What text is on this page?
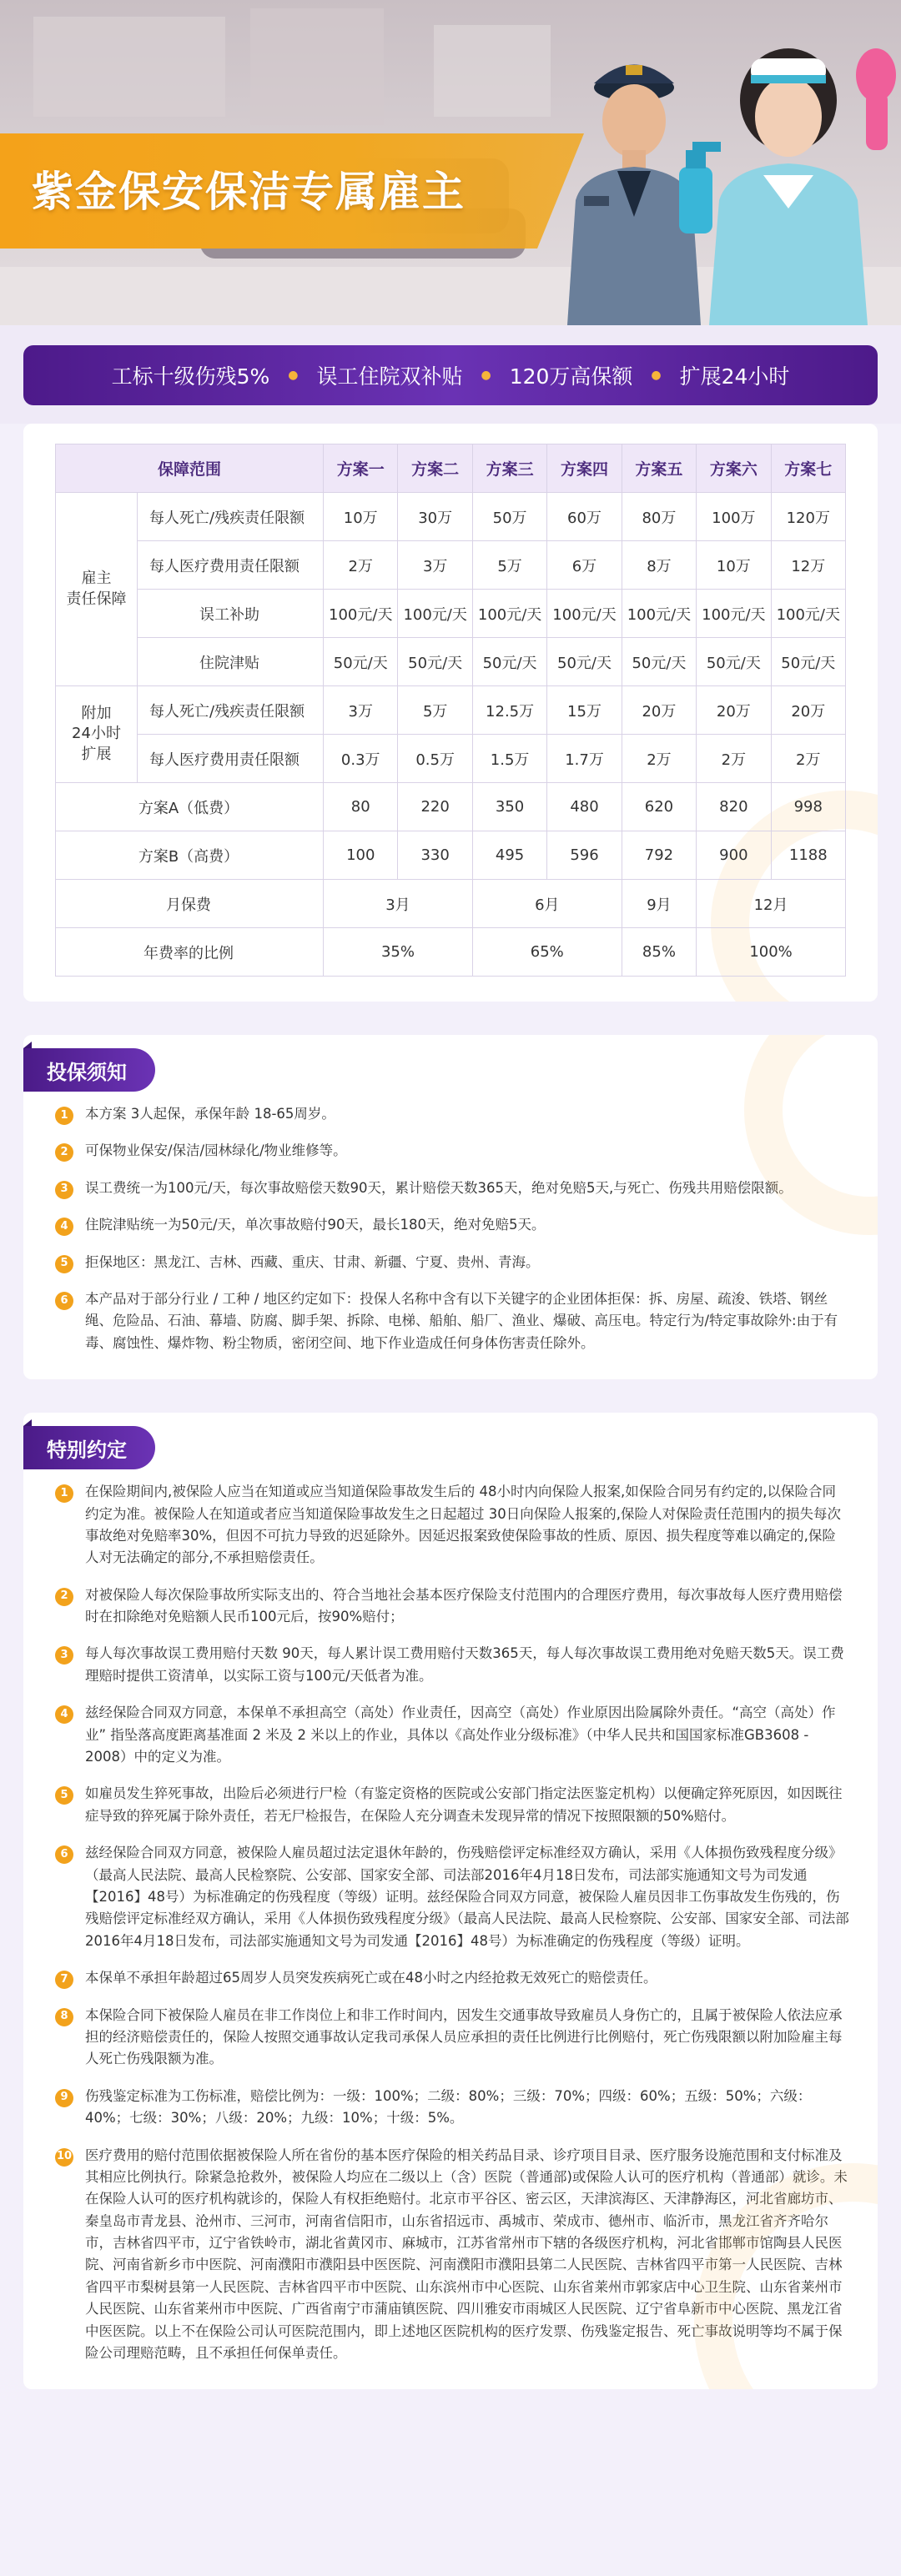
紫金保安保洁专属雇主
工标十级伤残5% ● 误工住院双补贴 ● 120万高保额 ● 扩展24小时
保障范围		方案一	方案二	方案三	方案四	方案五	方案六	方案七
雇主
责任保障	每人死亡/残疾责任限额	10万	30万	50万	60万	80万	100万	120万
	每人医疗费用责任限额	2万	3万	5万	6万	8万	10万	12万
	误工补助	100元/天	100元/天	100元/天	100元/天	100元/天	100元/天	100元/天
	住院津贴	50元/天	50元/天	50元/天	50元/天	50元/天	50元/天	50元/天
附加
24小时
扩展	每人死亡/残疾责任限额	3万	5万	12.5万	15万	20万	20万	20万
	每人医疗费用责任限额	0.3万	0.5万	1.5万	1.7万	2万	2万	2万
方案A（低费）		80	220	350	480	620	820	998
方案B（高费）		100	330	495	596	792	900	1188
月保费		3月		6月		9月	12月	
年费率的比例		35%		65%		85%	100%	
投保须知
1	本方案 3人起保，承保年龄 18-65周岁。
2	可保物业保安/保洁/园林绿化/物业维修等。
3	误工费统一为100元/天，每次事故赔偿天数90天，累计赔偿天数365天，绝对免赔5天,与死亡、伤残共用赔偿限额。
4	住院津贴统一为50元/天，单次事故赔付90天，最长180天，绝对免赔5天。
5	拒保地区：黑龙江、吉林、西藏、重庆、甘肃、新疆、宁夏、贵州、青海。
6	本产品对于部分行业 / 工种 / 地区约定如下：投保人名称中含有以下关键字的企业团体拒保：拆、房屋、疏浚、铁塔、钢丝绳、危险品、石油、幕墙、防腐、脚手架、拆除、电梯、船舶、船厂、渔业、爆破、高压电。特定行为/特定事故除外:由于有毒、腐蚀性、爆炸物、粉尘物质，密闭空间、地下作业造成任何身体伤害责任除外。
特别约定
1	在保险期间内,被保险人应当在知道或应当知道保险事故发生后的 48小时内向保险人报案,如保险合同另有约定的,以保险合同约定为准。被保险人在知道或者应当知道保险事故发生之日起超过 30日向保险人报案的,保险人对保险责任范围内的损失每次事故绝对免赔率30%，但因不可抗力导致的迟延除外。因延迟报案致使保险事故的性质、原因、损失程度等难以确定的,保险人对无法确定的部分,不承担赔偿责任。
2	对被保险人每次保险事故所实际支出的、符合当地社会基本医疗保险支付范围内的合理医疗费用，每次事故每人医疗费用赔偿时在扣除绝对免赔额人民币100元后，按90%赔付；
3	每人每次事故误工费用赔付天数 90天，每人累计误工费用赔付天数365天，每人每次事故误工费用绝对免赔天数5天。误工费理赔时提供工资清单，以实际工资与100元/天低者为准。
4	兹经保险合同双方同意，本保单不承担高空（高处）作业责任，因高空（高处）作业原因出险属除外责任。“高空（高处）作业” 指坠落高度距离基准面 2 米及 2 米以上的作业，具体以《高处作业分级标准》（中华人民共和国国家标准GB3608 - 2008）中的定义为准。
5	如雇员发生猝死事故，出险后必须进行尸检（有鉴定资格的医院或公安部门指定法医鉴定机构）以便确定猝死原因，如因既往症导致的猝死属于除外责任，若无尸检报告，在保险人充分调查未发现异常的情况下按照限额的50%赔付。
6	兹经保险合同双方同意，被保险人雇员超过法定退休年龄的，伤残赔偿评定标准经双方确认，采用《人体损伤致残程度分级》（最高人民法院、最高人民检察院、公安部、国家安全部、司法部2016年4月18日发布，司法部实施通知文号为司发通【2016】48号）为标准确定的伤残程度（等级）证明。兹经保险合同双方同意，被保险人雇员因非工伤事故发生伤残的，伤残赔偿评定标准经双方确认，采用《人体损伤致残程度分级》（最高人民法院、最高人民检察院、公安部、国家安全部、司法部2016年4月18日发布，司法部实施通知文号为司发通【2016】48号）为标准确定的伤残程度（等级）证明。
7	本保单不承担年龄超过65周岁人员突发疾病死亡或在48小时之内经抢救无效死亡的赔偿责任。
8	本保险合同下被保险人雇员在非工作岗位上和非工作时间内，因发生交通事故导致雇员人身伤亡的，且属于被保险人依法应承担的经济赔偿责任的，保险人按照交通事故认定我司承保人员应承担的责任比例进行比例赔付，死亡伤残限额以附加险雇主每人死亡伤残限额为准。
9	伤残鉴定标准为工伤标准，赔偿比例为：一级：100%；二级：80%；三级：70%；四级：60%；五级：50%；六级：40%；七级：30%；八级：20%；九级：10%；十级：5%。
10 医疗费用的赔付范围依据被保险人所在省份的基本医疗保险的相关药品目录、诊疗项目目录、医疗服务设施范围和支付标准及其相应比例执行。除紧急抢救外，被保险人均应在二级以上（含）医院（普通部)或保险人认可的医疗机构（普通部）就诊。未在保险人认可的医疗机构就诊的，保险人有权拒绝赔付。北京市平谷区、密云区，天津滨海区、天津静海区，河北省廊坊市、秦皇岛市青龙县、沧州市、三河市，河南省信阳市，山东省招远市、禹城市、荣成市、德州市、临沂市，黑龙江省齐齐哈尔市，吉林省四平市，辽宁省铁岭市，湖北省黄冈市、麻城市，江苏省常州市下辖的各级医疗机构，河北省邯郸市馆陶县人民医院、河南省新乡市中医院、河南濮阳市濮阳县中医医院、河南濮阳市濮阳县第二人民医院、吉林省四平市第一人民医院、吉林省四平市梨树县第一人民医院、吉林省四平市中医院、山东滨州市中心医院、山东省莱州市郭家店中心卫生院、山东省莱州市人民医院、山东省莱州市中医院、广西省南宁市蒲庙镇医院、四川雅安市雨城区人民医院、辽宁省阜新市中心医院、黑龙江省中医医院。以上不在保险公司认可医院范围内，即上述地区医院机构的医疗发票、伤残鉴定报告、死亡事故说明等均不属于保险公司理赔范畴，且不承担任何保单责任。
